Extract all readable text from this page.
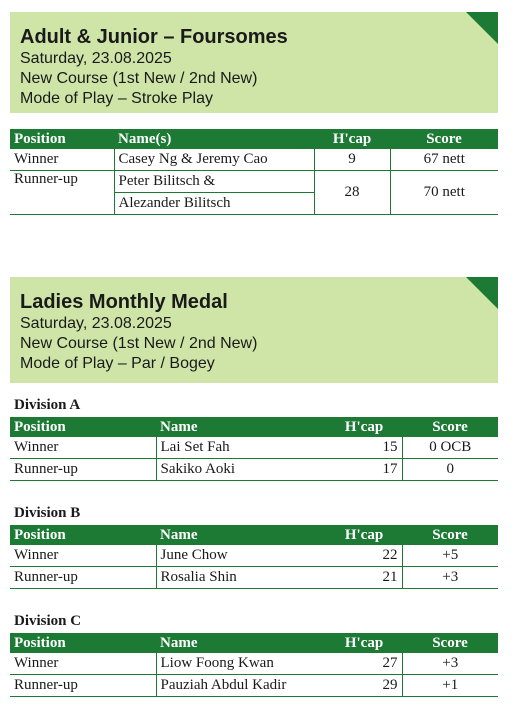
Adult & Junior – Foursomes
Saturday, 23.08.2025
New Course (1st New / 2nd New)
Mode of Play – Stroke Play
Position	Name(s)	H'cap	Score
Winner	Casey Ng & Jeremy Cao	9	67 nett
Runner-up	Peter Bilitsch &	28	70 nett
	Alezander Bilitsch		
Ladies Monthly Medal
Saturday, 23.08.2025
New Course (1st New / 2nd New)
Mode of Play – Par / Bogey
Division A
Position	Name	H'cap	Score
Winner	Lai Set Fah	15	0 OCB
Runner-up	Sakiko Aoki	17	0
Division B
Position	Name	H'cap	Score
Winner	June Chow	22	+5
Runner-up	Rosalia Shin	21	+3
Division C
Position	Name	H'cap	Score
Winner	Liow Foong Kwan	27	+3
Runner-up	Pauziah Abdul Kadir	29	+1
